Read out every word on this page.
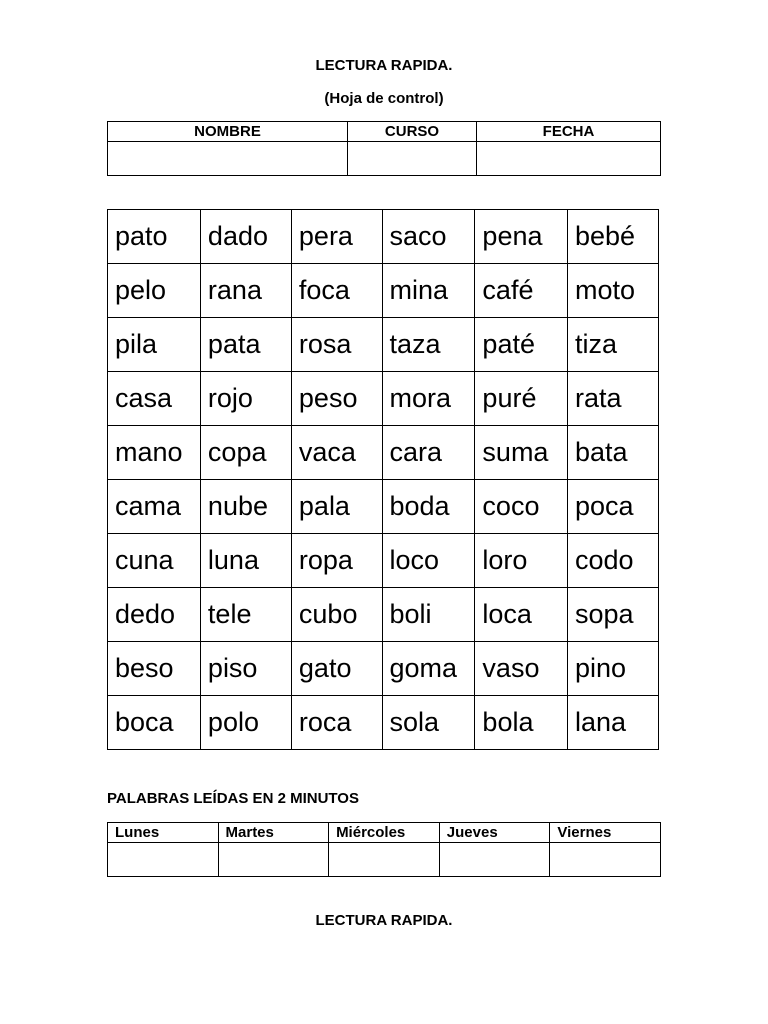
LECTURA RAPIDA.
(Hoja de control)
NOMBRE	CURSO	FECHA

pato	dado	pera	saco	pena	bebé
pelo	rana	foca	mina	café	moto
pila	pata	rosa	taza	paté	tiza
casa	rojo	peso	mora	puré	rata
mano	copa	vaca	cara	suma	bata
cama	nube	pala	boda	coco	poca
cuna	luna	ropa	loco	loro	codo
dedo	tele	cubo	boli	loca	sopa
beso	piso	gato	goma	vaso	pino
boca	polo	roca	sola	bola	lana
PALABRAS LEÍDAS EN 2 MINUTOS
Lunes	Martes	Miércoles	Jueves	Viernes

LECTURA RAPIDA.
